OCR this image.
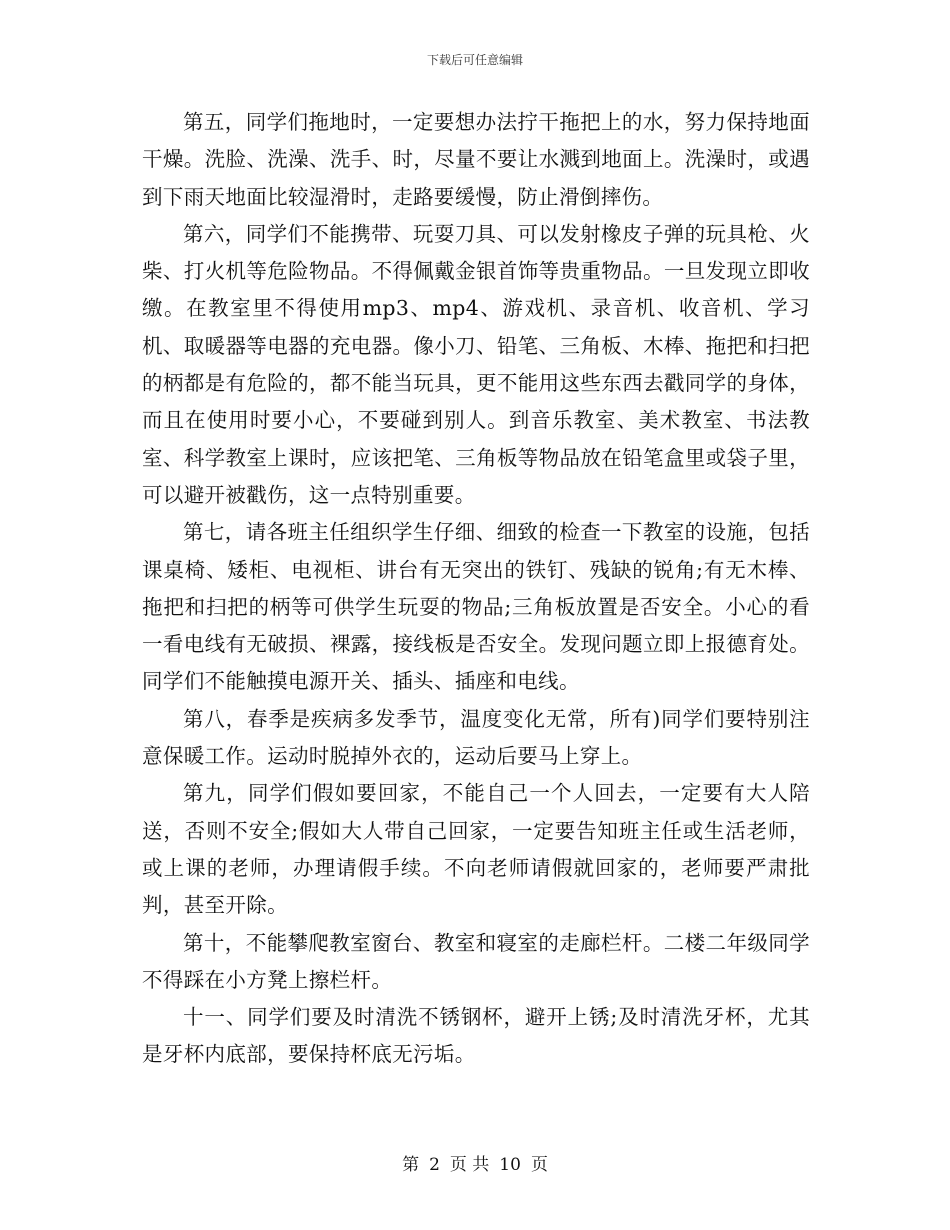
下载后可任意编辑

第五，同学们拖地时，一定要想办法拧干拖把上的水，努力保持地面干燥。洗脸、洗澡、洗手、时，尽量不要让水溅到地面上。洗澡时，或遇到下雨天地面比较湿滑时，走路要缓慢，防止滑倒摔伤。

第六，同学们不能携带、玩耍刀具、可以发射橡皮子弹的玩具枪、火柴、打火机等危险物品。不得佩戴金银首饰等贵重物品。一旦发现立即收缴。在教室里不得使用mp3、mp4、游戏机、录音机、收音机、学习机、取暖器等电器的充电器。像小刀、铅笔、三角板、木棒、拖把和扫把的柄都是有危险的，都不能当玩具，更不能用这些东西去戳同学的身体，而且在使用时要小心，不要碰到别人。到音乐教室、美术教室、书法教室、科学教室上课时，应该把笔、三角板等物品放在铅笔盒里或袋子里，可以避开被戳伤，这一点特别重要。

第七，请各班主任组织学生仔细、细致的检查一下教室的设施，包括课桌椅、矮柜、电视柜、讲台有无突出的铁钉、残缺的锐角;有无木棒、拖把和扫把的柄等可供学生玩耍的物品;三角板放置是否安全。小心的看一看电线有无破损、裸露，接线板是否安全。发现问题立即上报德育处。同学们不能触摸电源开关、插头、插座和电线。

第八，春季是疾病多发季节，温度变化无常，所有)同学们要特别注意保暖工作。运动时脱掉外衣的，运动后要马上穿上。

第九，同学们假如要回家，不能自己一个人回去，一定要有大人陪送，否则不安全;假如大人带自己回家，一定要告知班主任或生活老师，或上课的老师，办理请假手续。不向老师请假就回家的，老师要严肃批判，甚至开除。

第十，不能攀爬教室窗台、教室和寝室的走廊栏杆。二楼二年级同学不得踩在小方凳上擦栏杆。

十一、同学们要及时清洗不锈钢杯，避开上锈;及时清洗牙杯，尤其是牙杯内底部，要保持杯底无污垢。

第 2 页 共 10 页
